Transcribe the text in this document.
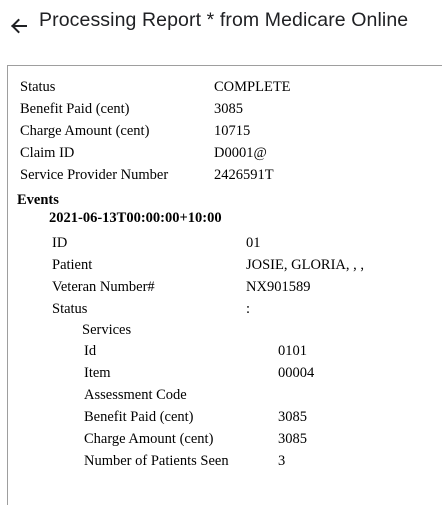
Processing Report * from Medicare Online
Status	COMPLETE
Benefit Paid (cent)	3085
Charge Amount (cent)	10715
Claim ID	D0001@
Service Provider Number	2426591T
Events
2021-06-13T00:00:00+10:00
ID	01
Patient	JOSIE, GLORIA, , ,
Veteran Number#	NX901589
Status	:
Services
Id	0101
Item	00004
Assessment Code
Benefit Paid (cent)	3085
Charge Amount (cent)	3085
Number of Patients Seen	3
